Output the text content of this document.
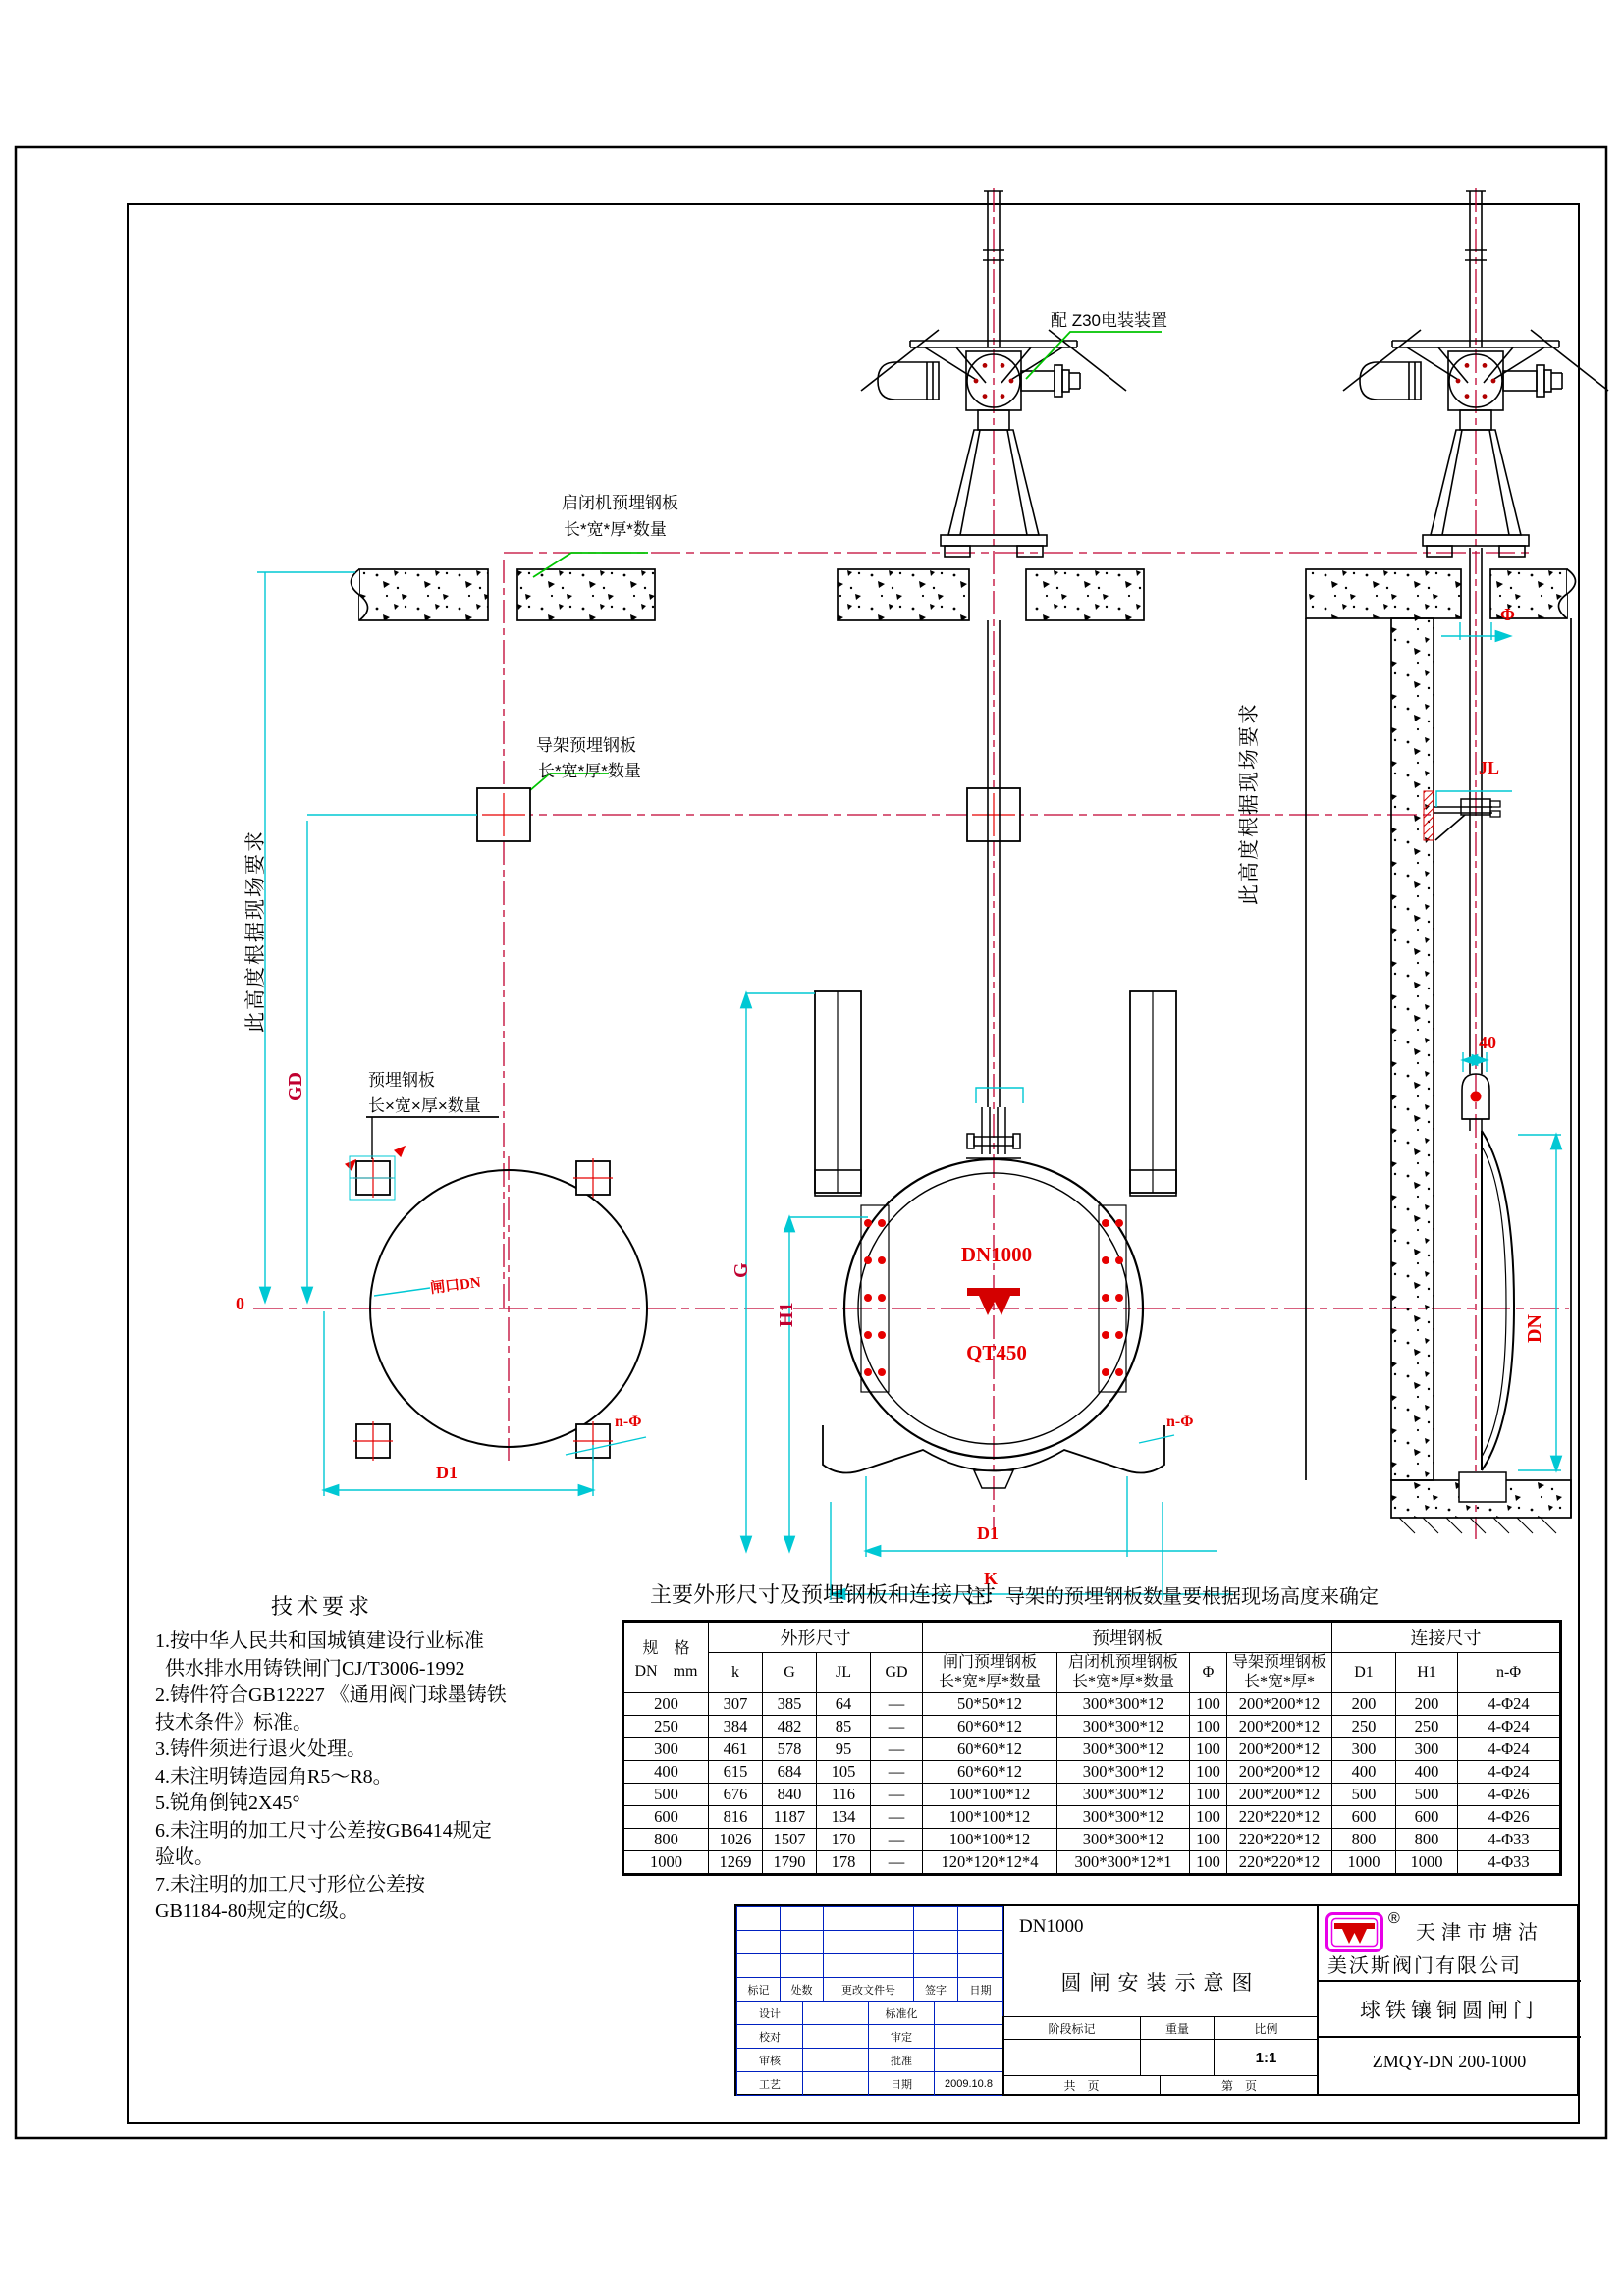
配 Z30电装装置
启闭机预埋钢板
长*宽*厚*数量
导架预埋钢板
长*宽*厚*数量
预埋钢板
长×宽×厚×数量
此高度根据现场要求
此高度根据现场要求
GD
G
H1	DN
0
闸口DN
D1
D1
K
n-Φ	n-Φ
JL
Φ
40
DN1000
QT450
主要外形尺寸及预埋钢板和连接尺寸
注：导架的预埋钢板数量要根据现场高度来确定
技术要求
1.按中华人民共和国城镇建设行业标准
供水排水用铸铁闸门CJ/T3006-1992
2.铸件符合GB12227 《通用阀门球墨铸铁
技术条件》标准。
3.铸件须进行退火处理。
4.未注明铸造园角R5～R8。
5.锐角倒钝2X45°
6.未注明的加工尺寸公差按GB6414规定
验收。
7.未注明的加工尺寸形位公差按
GB1184-80规定的C级。
规　格
DN　mm	外形尺寸				预埋钢板				连接尺寸		
k	G	JL	GD	
闸门预埋钢板
长*宽*厚*数量

启闭机预埋钢板
长*宽*厚*数量
	Φ	
导架预埋钢板
长*宽*厚*
	D1	H1	n-Φ
200	307	385	64	—	50*50*12	300*300*12	100	200*200*12	200	200	4-Φ24
250	384	482	85	—	60*60*12	300*300*12	100	200*200*12	250	250	4-Φ24
300	461	578	95	—	60*60*12	300*300*12	100	200*200*12	300	300	4-Φ24
400	615	684	105	—	60*60*12	300*300*12	100	200*200*12	400	400	4-Φ24
500	676	840	116	—	100*100*12	300*300*12	100	200*200*12	500	500	4-Φ26
600	816	1187	134	—	100*100*12	300*300*12	100	220*220*12	600	600	4-Φ26
800	1026	1507	170	—	100*100*12	300*300*12	100	220*220*12	800	800	4-Φ33
1000	1269	1790	178	—	120*120*12*4	300*300*12*1	100	220*220*12	1000	1000	4-Φ33

标记	处数	更改文件号	签字	日期
设计		标准化	
校对		审定	
审核		批准	
工艺		日期	2009.10.8
DN1000
圆闸安装示意图
阶段标记	重量	比例
1:1
共　页	第　页
®
天津市塘沽
美沃斯阀门有限公司
球铁镶铜圆闸门
ZMQY-DN 200-1000
